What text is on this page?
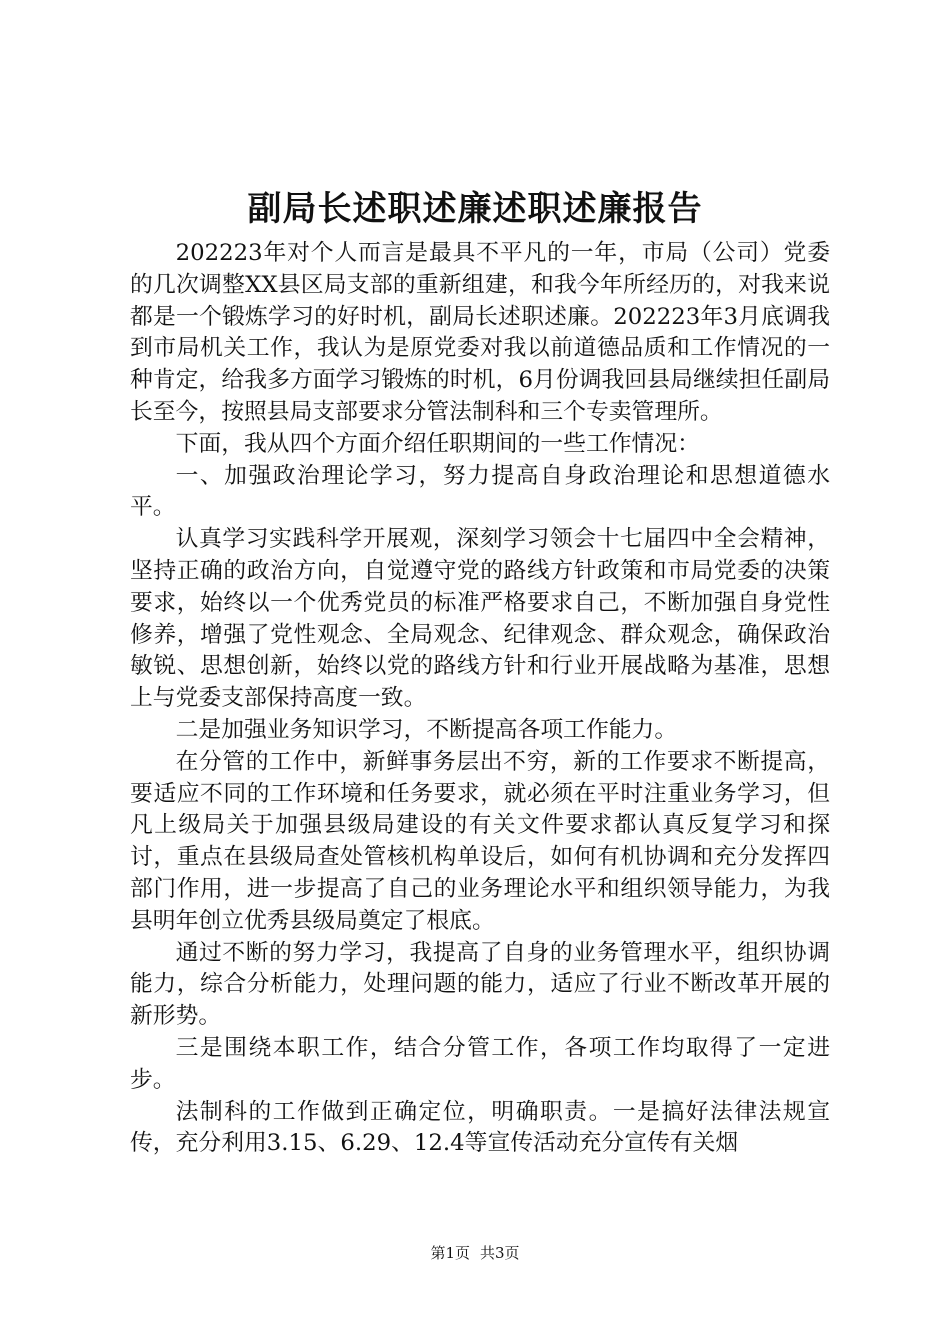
副局长述职述廉述职述廉报告

202223年对个人而言是最具不平凡的一年，市局（公司）党委的几次调整XX县区局支部的重新组建，和我今年所经历的，对我来说都是一个锻炼学习的好时机，副局长述职述廉。202223年3月底调我到市局机关工作，我认为是原党委对我以前道德品质和工作情况的一种肯定，给我多方面学习锻炼的时机，6月份调我回县局继续担任副局长至今，按照县局支部要求分管法制科和三个专卖管理所。

下面，我从四个方面介绍任职期间的一些工作情况：

一、加强政治理论学习，努力提高自身政治理论和思想道德水平。

认真学习实践科学开展观，深刻学习领会十七届四中全会精神，坚持正确的政治方向，自觉遵守党的路线方针政策和市局党委的决策要求，始终以一个优秀党员的标准严格要求自己，不断加强自身党性修养，增强了党性观念、全局观念、纪律观念、群众观念，确保政治敏锐、思想创新，始终以党的路线方针和行业开展战略为基准，思想上与党委支部保持高度一致。

二是加强业务知识学习，不断提高各项工作能力。

在分管的工作中，新鲜事务层出不穷，新的工作要求不断提高，要适应不同的工作环境和任务要求，就必须在平时注重业务学习，但凡上级局关于加强县级局建设的有关文件要求都认真反复学习和探讨，重点在县级局查处管核机构单设后，如何有机协调和充分发挥四部门作用，进一步提高了自己的业务理论水平和组织领导能力，为我县明年创立优秀县级局奠定了根底。

通过不断的努力学习，我提高了自身的业务管理水平，组织协调能力，综合分析能力，处理问题的能力，适应了行业不断改革开展的新形势。

三是围绕本职工作，结合分管工作，各项工作均取得了一定进步。

法制科的工作做到正确定位，明确职责。一是搞好法律法规宣传，充分利用3.15、6.29、12.4等宣传活动充分宣传有关烟

第1页 共3页
